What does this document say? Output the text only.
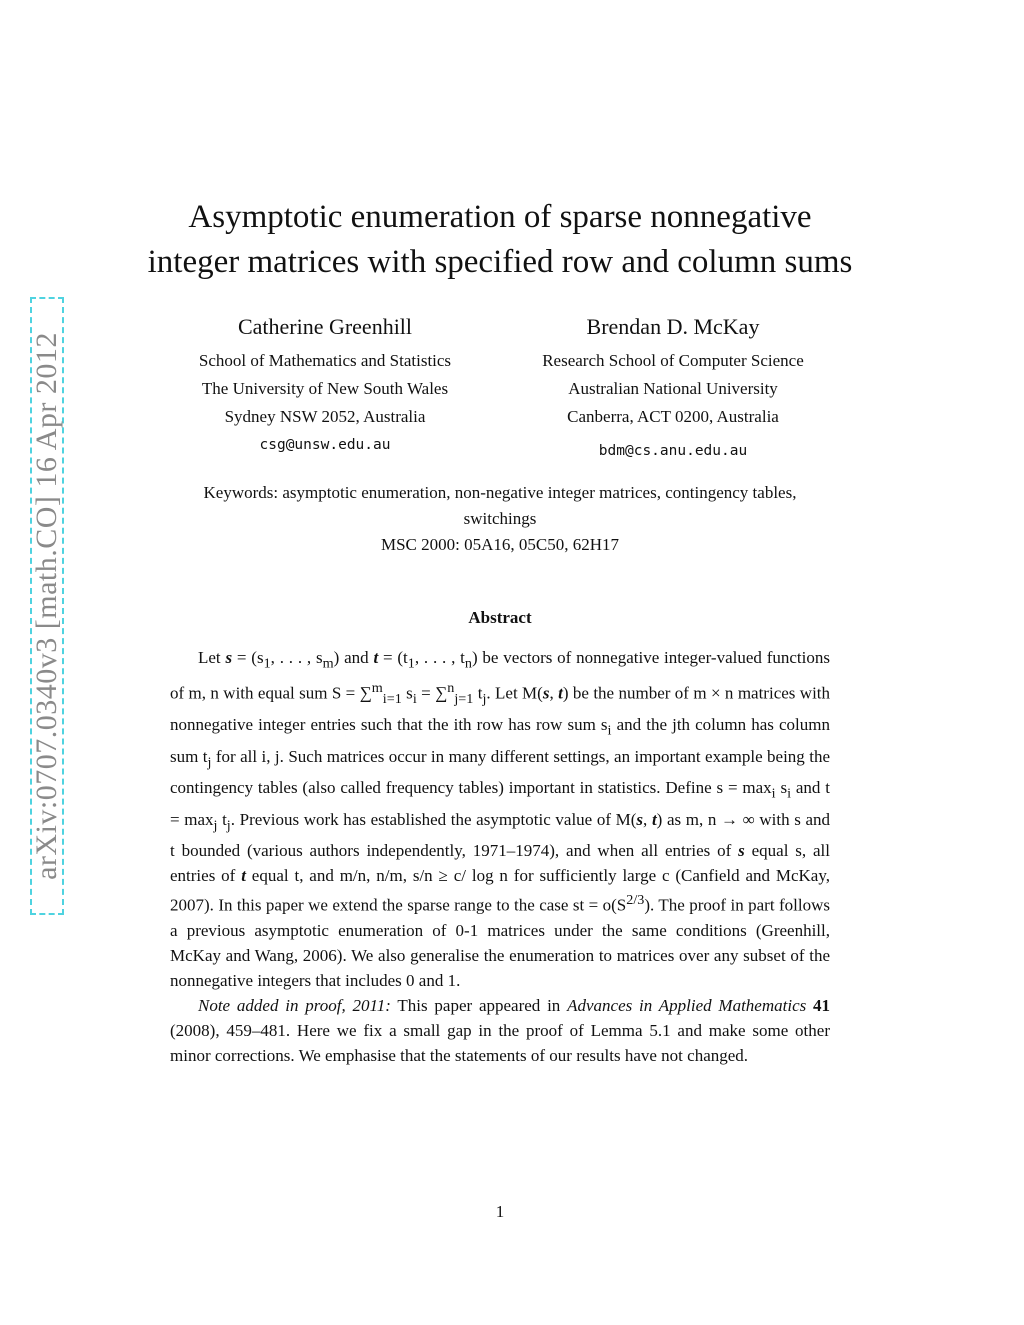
arXiv:0707.0340v3 [math.CO] 16 Apr 2012
Asymptotic enumeration of sparse nonnegative
integer matrices with specified row and column sums
Catherine Greenhill
School of Mathematics and Statistics
The University of New South Wales
Sydney NSW 2052, Australia
csg@unsw.edu.au
Brendan D. McKay
Research School of Computer Science
Australian National University
Canberra, ACT 0200, Australia
bdm@cs.anu.edu.au
Keywords: asymptotic enumeration, non-negative integer matrices, contingency tables,
switchings
MSC 2000: 05A16, 05C50, 62H17
Abstract

Let $s = (s_1$, . . . , $s_m$) and $t = (t_1$, . . . , $t_n$) be vectors of nonnegative integer-valued functions of m, n with equal sum S = ∑$^m_{i=1}$ $s_i = \sum^n_{j=1}$ $t_j$. Let M(s, t) be the number of m × n matrices with nonnegative integer entries such that the ith row has row sum $s_i$ and the jth column has column sum $t_j$ for all i, j. Such matrices occur in many different settings, an important example being the contingency tables (also called frequency tables) important in statistics. Define $s = \max_i s_i$ and $t = \max_j t_j$. Previous work has established the asymptotic value of M(s, t) as m, n → ∞ with s and t bounded (various authors independently, 1971–1974), and when all entries of s equal s, all entries of t equal t, and m/n, n/m, s/n ≥ c/ log n for sufficiently large c (Canfield and McKay, 2007). In this paper we extend the sparse range to the case st = $o(S^{2/3})$. The proof in part follows a previous asymptotic enumeration of 0-1 matrices under the same conditions (Greenhill, McKay and Wang, 2006). We also generalise the enumeration to matrices over any subset of the nonnegative integers that includes 0 and 1.

Note added in proof, 2011: This paper appeared in Advances in Applied Mathematics 41 (2008), 459–481. Here we fix a small gap in the proof of Lemma 5.1 and make some other minor corrections. We emphasise that the statements of our results have not changed.

1
